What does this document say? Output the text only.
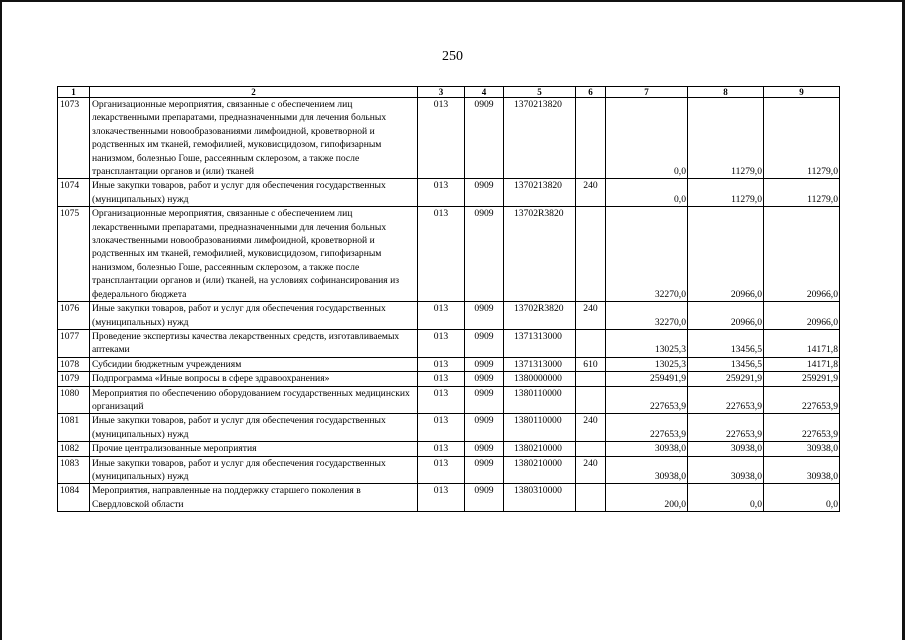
250
1	2	3	4	5	6	7	8	9
1073	Организационные мероприятия, связанные с обеспечением лиц лекарственными препаратами, предназначенными для лечения больных злокачественными новообразованиями лимфоидной, кроветворной и родственных им тканей, гемофилией, муковисцидозом, гипофизарным нанизмом, болезнью Гоше, рассеянным склерозом, а также после трансплантации органов и (или) тканей	013	0909	1370213820		0,0	11279,0	11279,0
1074	Иные закупки товаров, работ и услуг для обеспечения государственных (муниципальных) нужд	013	0909	1370213820	240	0,0	11279,0	11279,0
1075	Организационные мероприятия, связанные с обеспечением лиц лекарственными препаратами, предназначенными для лечения больных злокачественными новообразованиями лимфоидной, кроветворной и родственных им тканей, гемофилией, муковисцидозом, гипофизарным нанизмом, болезнью Гоше, рассеянным склерозом, а также после трансплантации органов и (или) тканей, на условиях софинансирования из федерального бюджета	013	0909	13702R3820		32270,0	20966,0	20966,0
1076	Иные закупки товаров, работ и услуг для обеспечения государственных (муниципальных) нужд	013	0909	13702R3820	240	32270,0	20966,0	20966,0
1077	Проведение экспертизы качества лекарственных средств, изготавливаемых аптеками	013	0909	1371313000		13025,3	13456,5	14171,8
1078	Субсидии бюджетным учреждениям	013	0909	1371313000	610	13025,3	13456,5	14171,8
1079	Подпрограмма «Иные вопросы в сфере здравоохранения»	013	0909	1380000000		259491,9	259291,9	259291,9
1080	Мероприятия по обеспечению оборудованием государственных медицинских организаций	013	0909	1380110000		227653,9	227653,9	227653,9
1081	Иные закупки товаров, работ и услуг для обеспечения государственных (муниципальных) нужд	013	0909	1380110000	240	227653,9	227653,9	227653,9
1082	Прочие централизованные мероприятия	013	0909	1380210000		30938,0	30938,0	30938,0
1083	Иные закупки товаров, работ и услуг для обеспечения государственных (муниципальных) нужд	013	0909	1380210000	240	30938,0	30938,0	30938,0
1084	Мероприятия, направленные на поддержку старшего поколения в Свердловской области	013	0909	1380310000		200,0	0,0	0,0
